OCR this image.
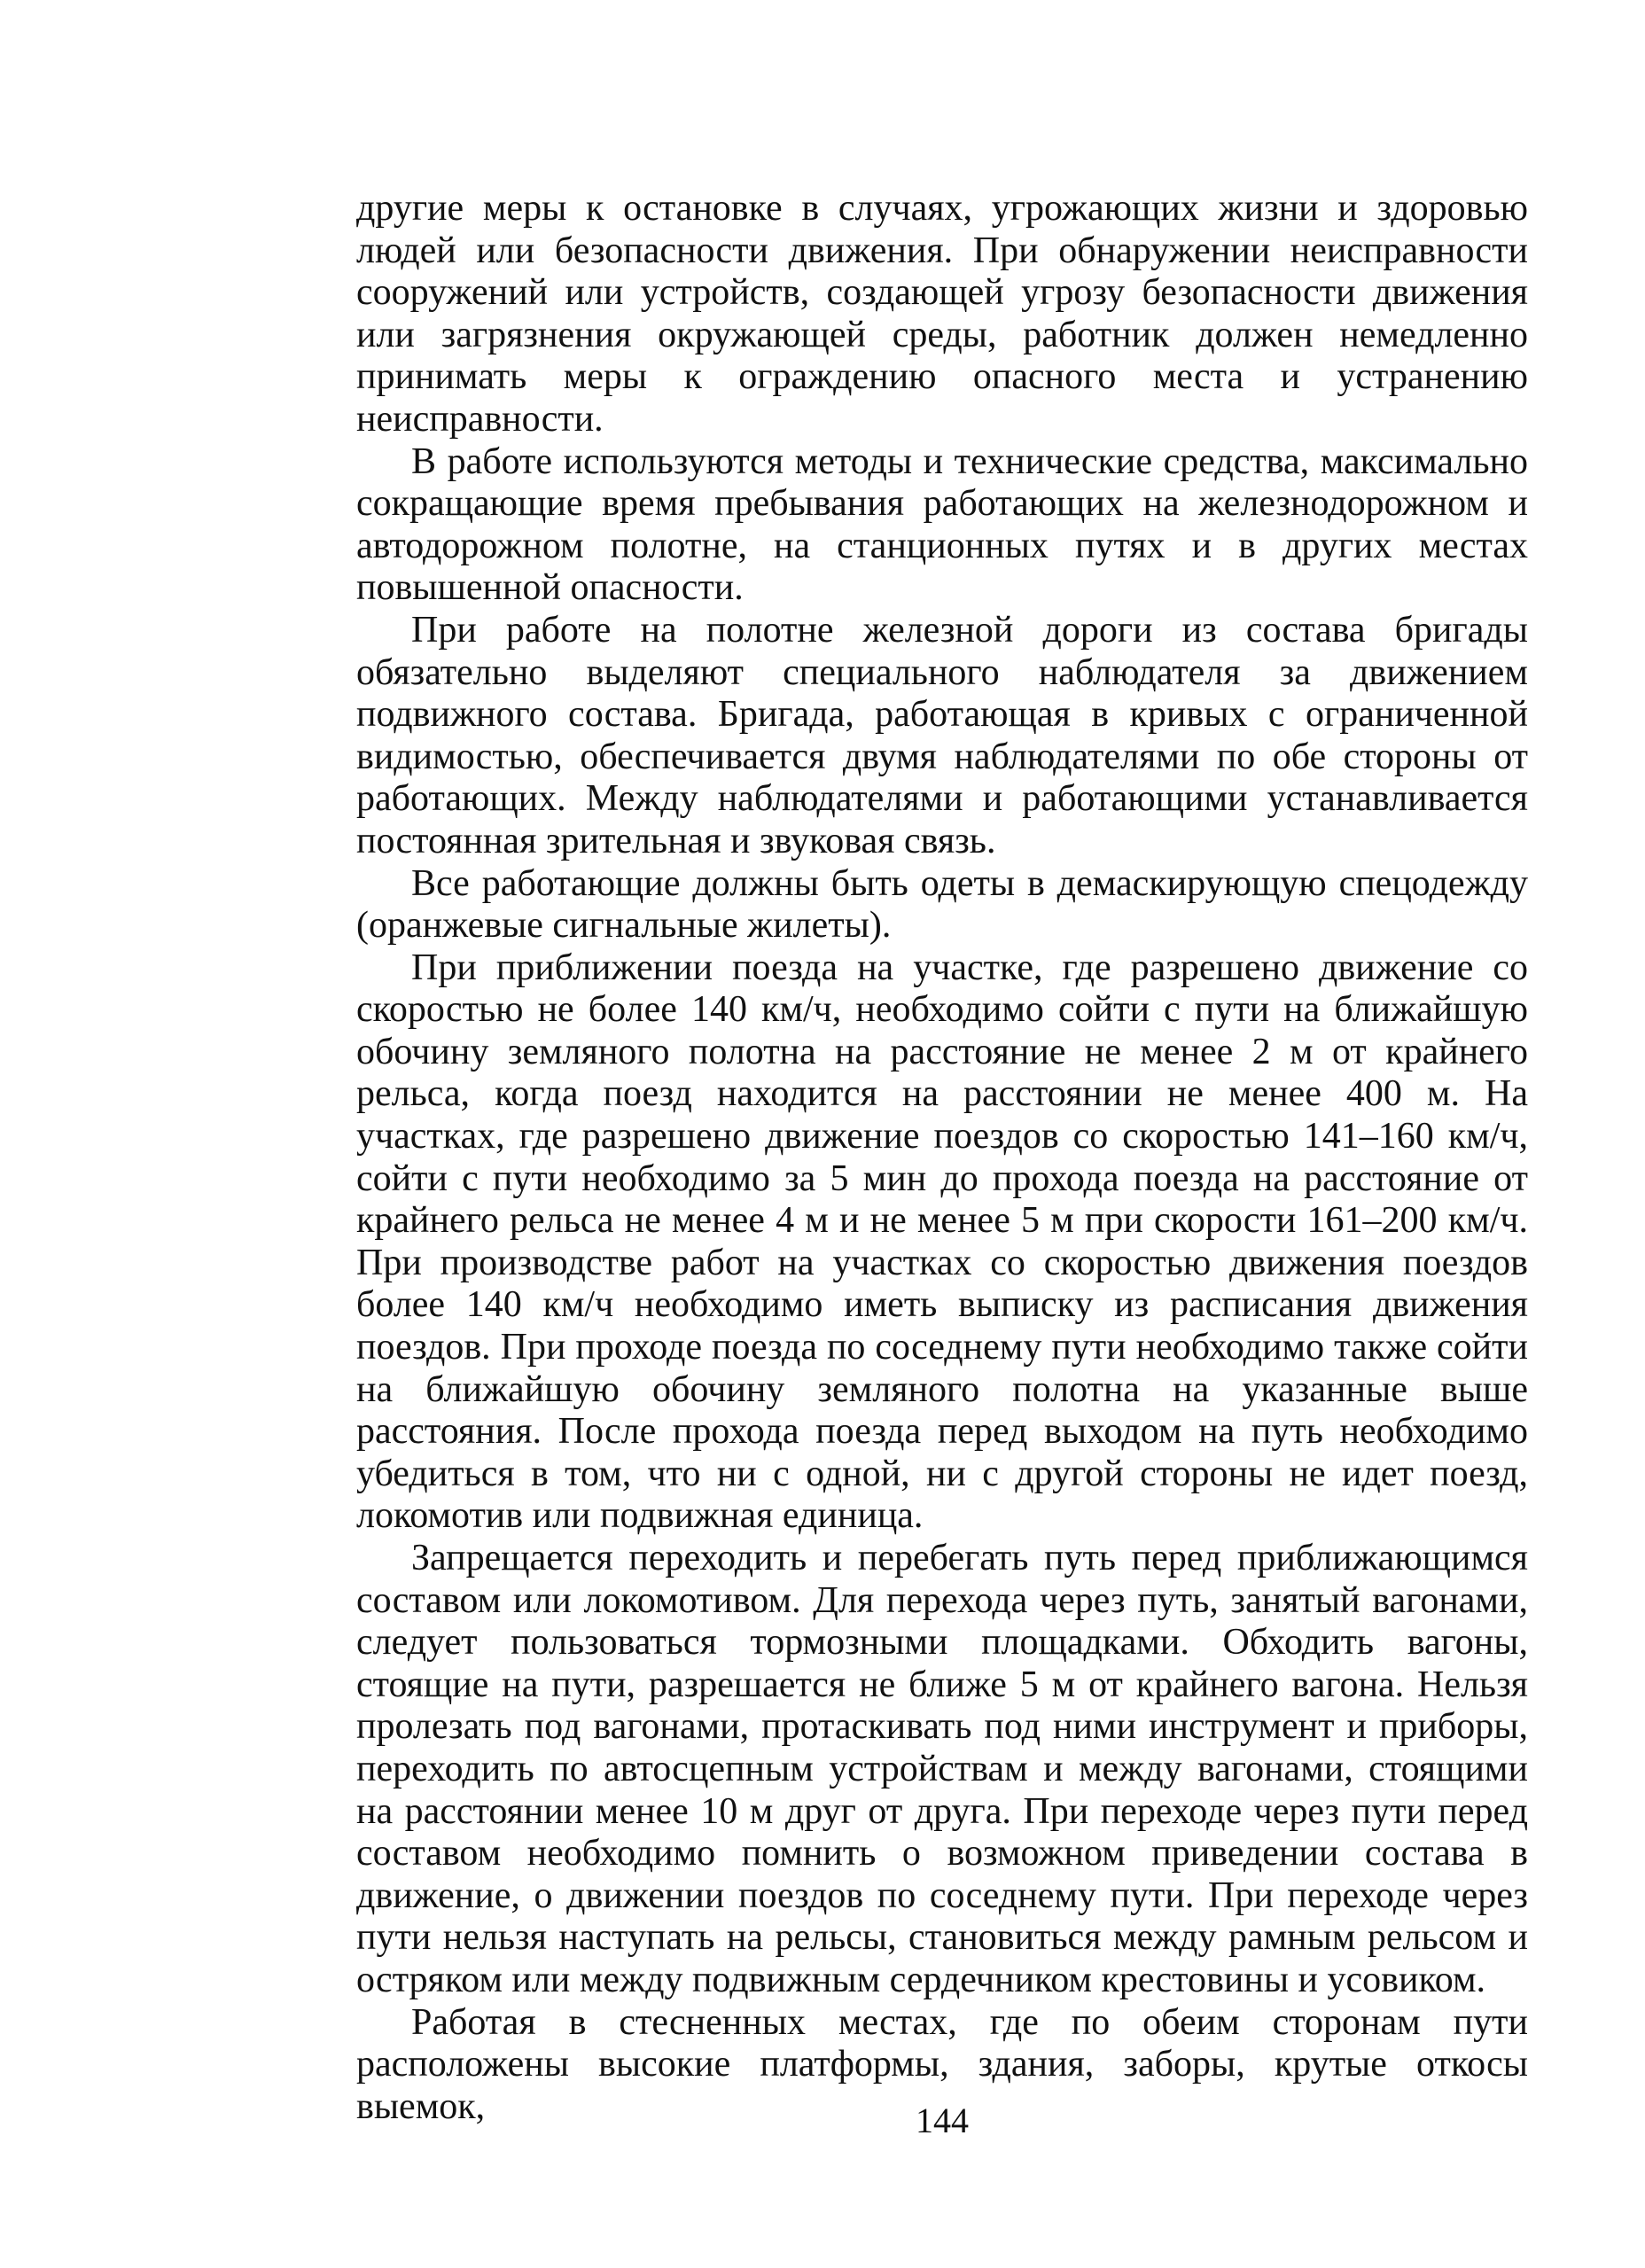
другие меры к остановке в случаях, угрожающих жизни и здоровью людей или безопасности движения. При обнаружении неисправности сооружений или устройств, создающей угрозу безопасности движения или загрязнения окружающей среды, работник должен немедленно принимать меры к ограждению опасного места и устранению неисправности.

В работе используются методы и технические средства, максимально сокращающие время пребывания работающих на железнодорожном и автодорожном полотне, на станционных путях и в других местах повышенной опасности.

При работе на полотне железной дороги из состава бригады обязательно выделяют специального наблюдателя за движением подвижного состава. Бригада, работающая в кривых с ограниченной видимостью, обеспечивается двумя наблюдателями по обе стороны от работающих. Между наблюдателями и работающими устанавливается постоянная зрительная и звуковая связь.

Все работающие должны быть одеты в демаскирующую спецодежду (оранжевые сигнальные жилеты).

При приближении поезда на участке, где разрешено движение со скоростью не более 140 км/ч, необходимо сойти с пути на ближайшую обочину земляного полотна на расстояние не менее 2 м от крайнего рельса, когда поезд находится на расстоянии не менее 400 м. На участках, где разрешено движение поездов со скоростью 141–160 км/ч, сойти с пути необходимо за 5 мин до прохода поезда на расстояние от крайнего рельса не менее 4 м и не менее 5 м при скорости 161–200 км/ч. При производстве работ на участках со скоростью движения поездов более 140 км/ч необходимо иметь выписку из расписания движения поездов. При проходе поезда по соседнему пути необходимо также сойти на ближайшую обочину земляного полотна на указанные выше расстояния. После прохода поезда перед выходом на путь необходимо убедиться в том, что ни с одной, ни с другой стороны не идет поезд, локомотив или подвижная единица.

Запрещается переходить и перебегать путь перед приближающимся составом или локомотивом. Для перехода через путь, занятый вагонами, следует пользоваться тормозными площадками. Обходить вагоны, стоящие на пути, разрешается не ближе 5 м от крайнего вагона. Нельзя пролезать под вагонами, протаскивать под ними инструмент и приборы, переходить по автосцепным устройствам и между вагонами, стоящими на расстоянии менее 10 м друг от друга. При переходе через пути перед составом необходимо помнить о возможном приведении состава в движение, о движении поездов по соседнему пути. При переходе через пути нельзя наступать на рельсы, становиться между рамным рельсом и остряком или между подвижным сердечником крестовины и усовиком.

Работая в стесненных местах, где по обеим сторонам пути расположены высокие платформы, здания, заборы, крутые откосы выемок,	144
